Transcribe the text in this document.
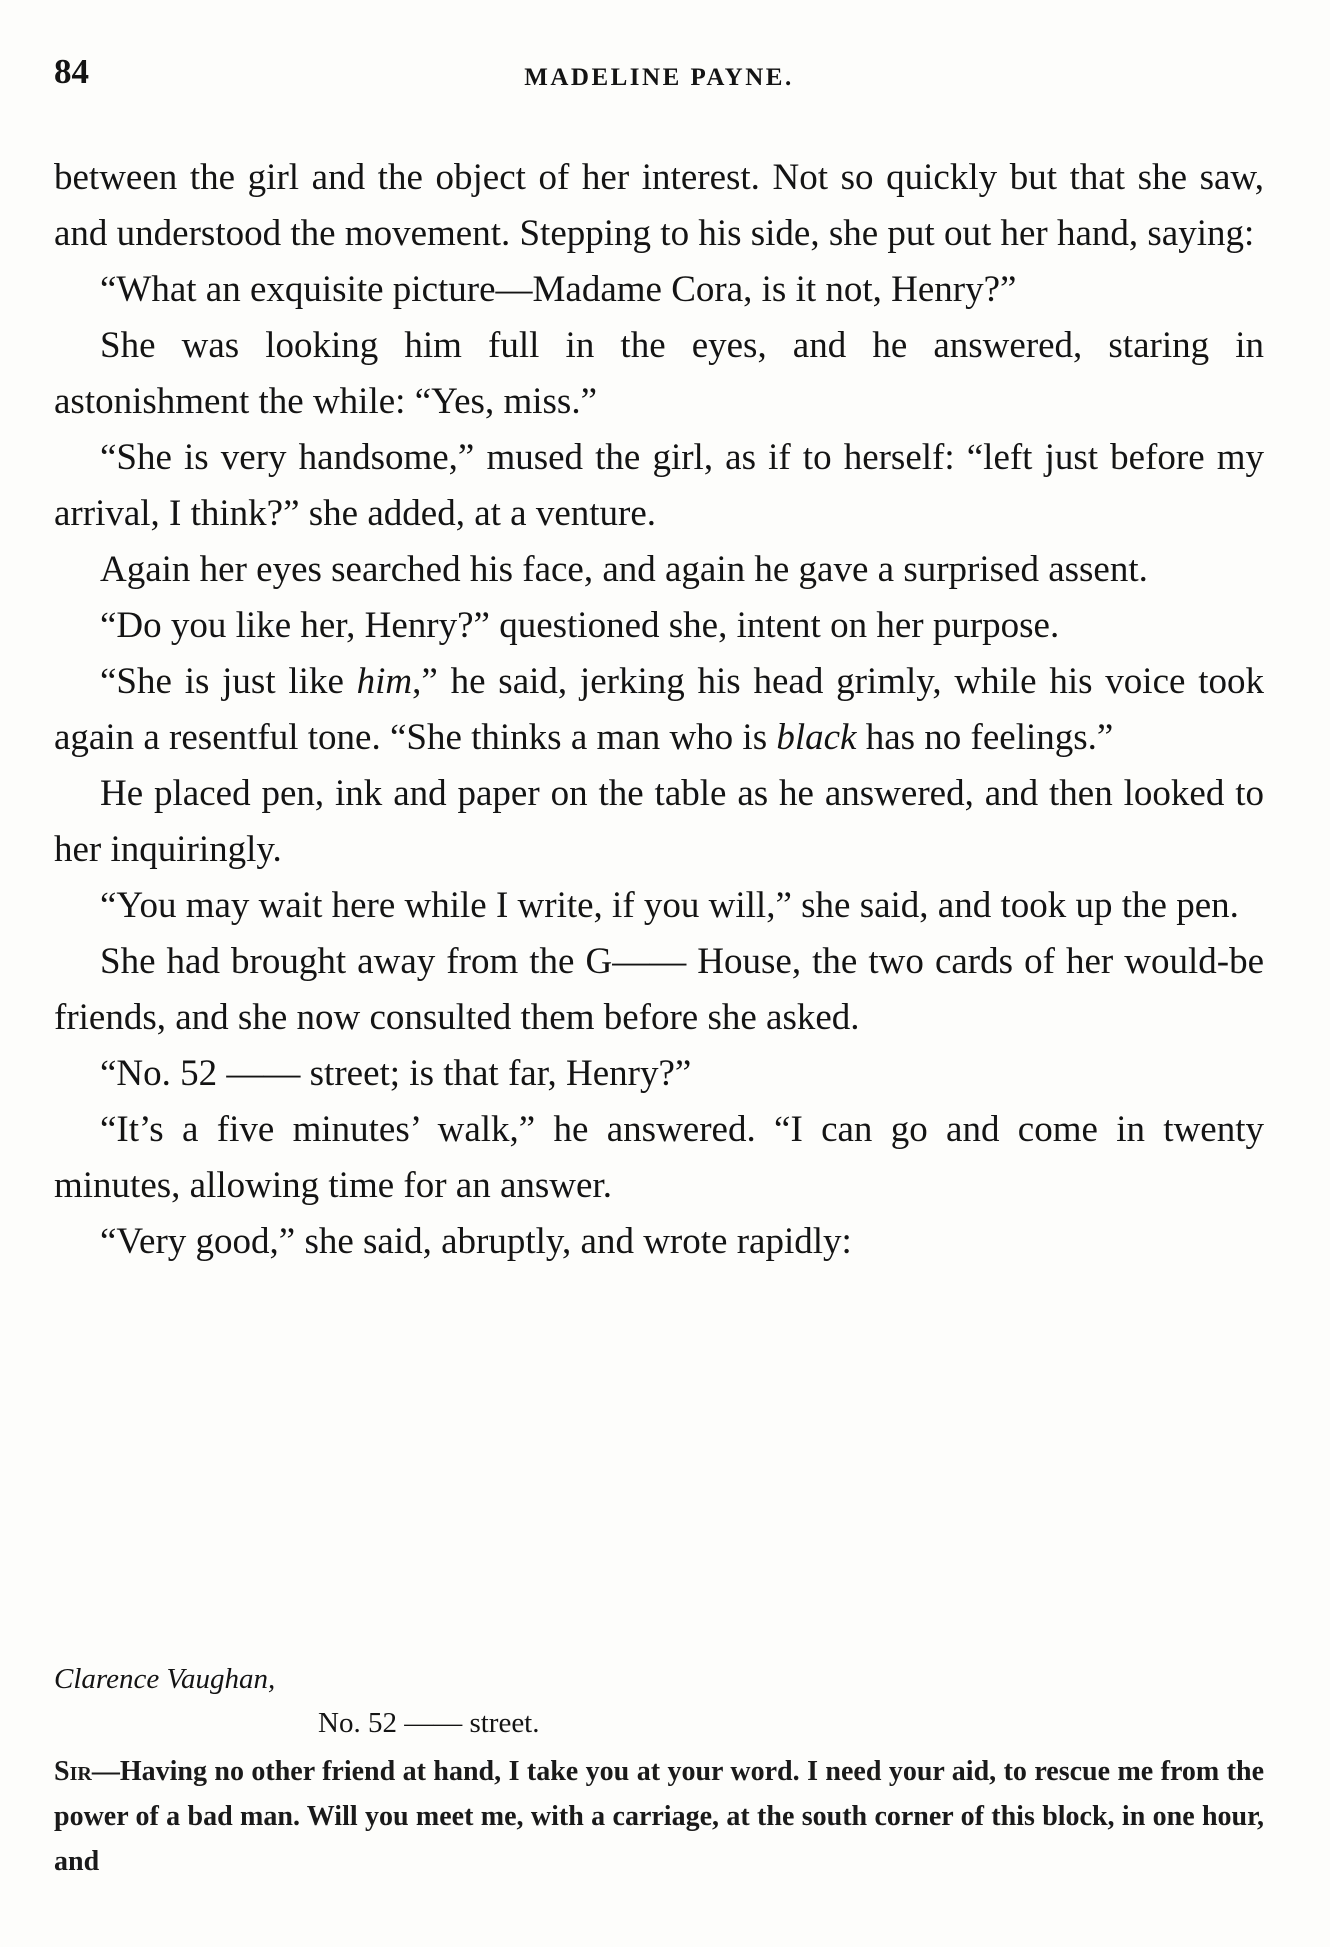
84	MADELINE PAYNE.

between the girl and the object of her interest. Not so quickly but that she saw, and understood the movement. Stepping to his side, she put out her hand, saying:

“What an exquisite picture—Madame Cora, is it not, Henry?”

She was looking him full in the eyes, and he answered, staring in astonishment the while: “Yes, miss.”

“She is very handsome,” mused the girl, as if to herself: “left just before my arrival, I think?” she added, at a venture.

Again her eyes searched his face, and again he gave a surprised assent.

“Do you like her, Henry?” questioned she, intent on her purpose.

“She is just like him,” he said, jerking his head grimly, while his voice took again a resentful tone. “She thinks a man who is black has no feelings.”

He placed pen, ink and paper on the table as he answered, and then looked to her inquiringly.

“You may wait here while I write, if you will,” she said, and took up the pen.

She had brought away from the G—— House, the two cards of her would-be friends, and she now consulted them before she asked.

“No. 52 —— street; is that far, Henry?”

“It’s a five minutes’ walk,” he answered. “I can go and come in twenty minutes, allowing time for an answer.

“Very good,” she said, abruptly, and wrote rapidly:

Clarence Vaughan,
No. 52 —— street.

Sir—Having no other friend at hand, I take you at your word. I need your aid, to rescue me from the power of a bad man. Will you meet me, with a carriage, at the south corner of this block, in one hour, and
